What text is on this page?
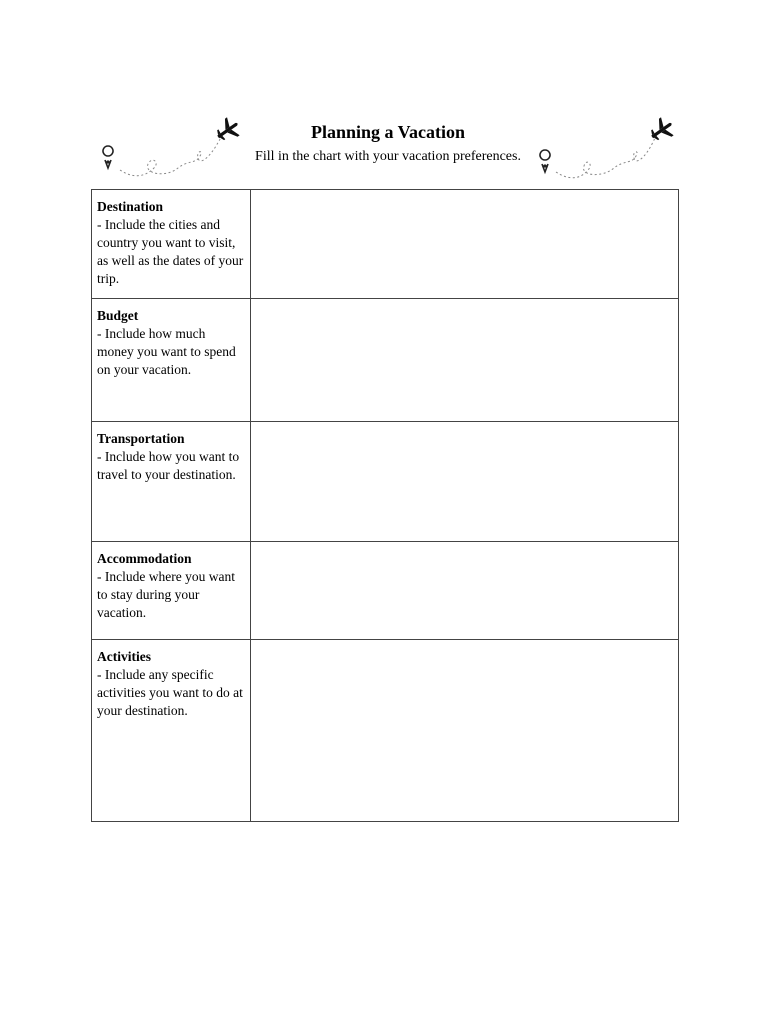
Planning a Vacation
Fill in the chart with your vacation preferences.
Destination
- Include the cities and country you want to visit, as well as the dates of your trip.	

Budget
- Include how much money you want to spend on your vacation.	

Transportation
- Include how you want to travel to your destination.	

Accommodation
- Include where you want to stay during your vacation.	

Activities
- Include any specific activities you want to do at your destination.	
